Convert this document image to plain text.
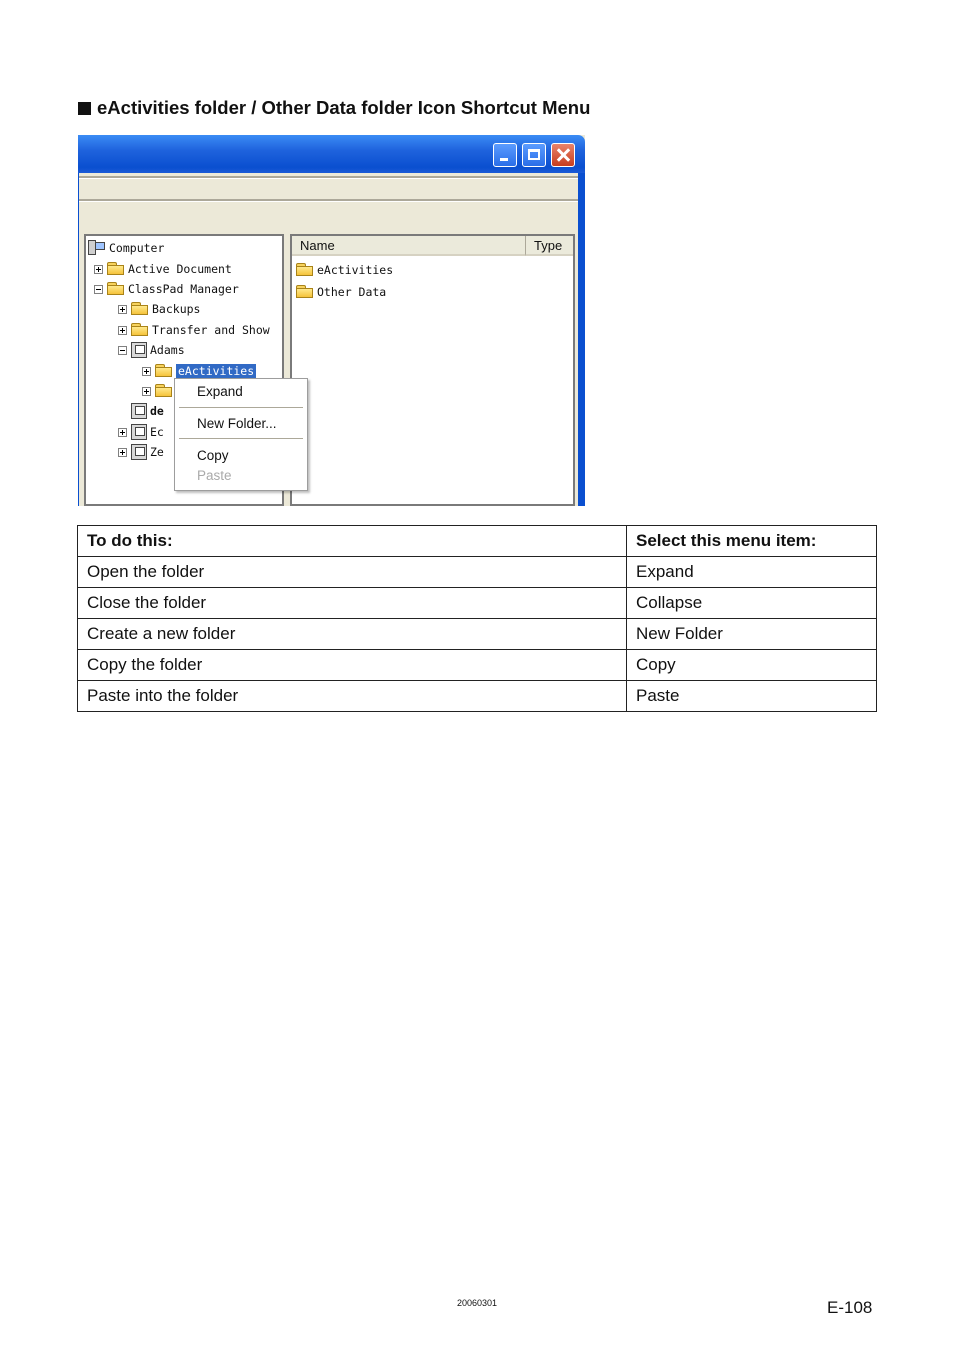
eActivities folder / Other Data folder Icon Shortcut Menu
Computer
Active Document
ClassPad Manager
Backups
Transfer and Show
Adams
eActivities
de
Ec
Ze
Name	Type
eActivities
Other Data
Expand
New Folder...
Copy
Paste
To do this:	Select this menu item:
Open the folder	Expand
Close the folder	Collapse
Create a new folder	New Folder
Copy the folder	Copy
Paste into the folder	Paste
20060301	E-108
